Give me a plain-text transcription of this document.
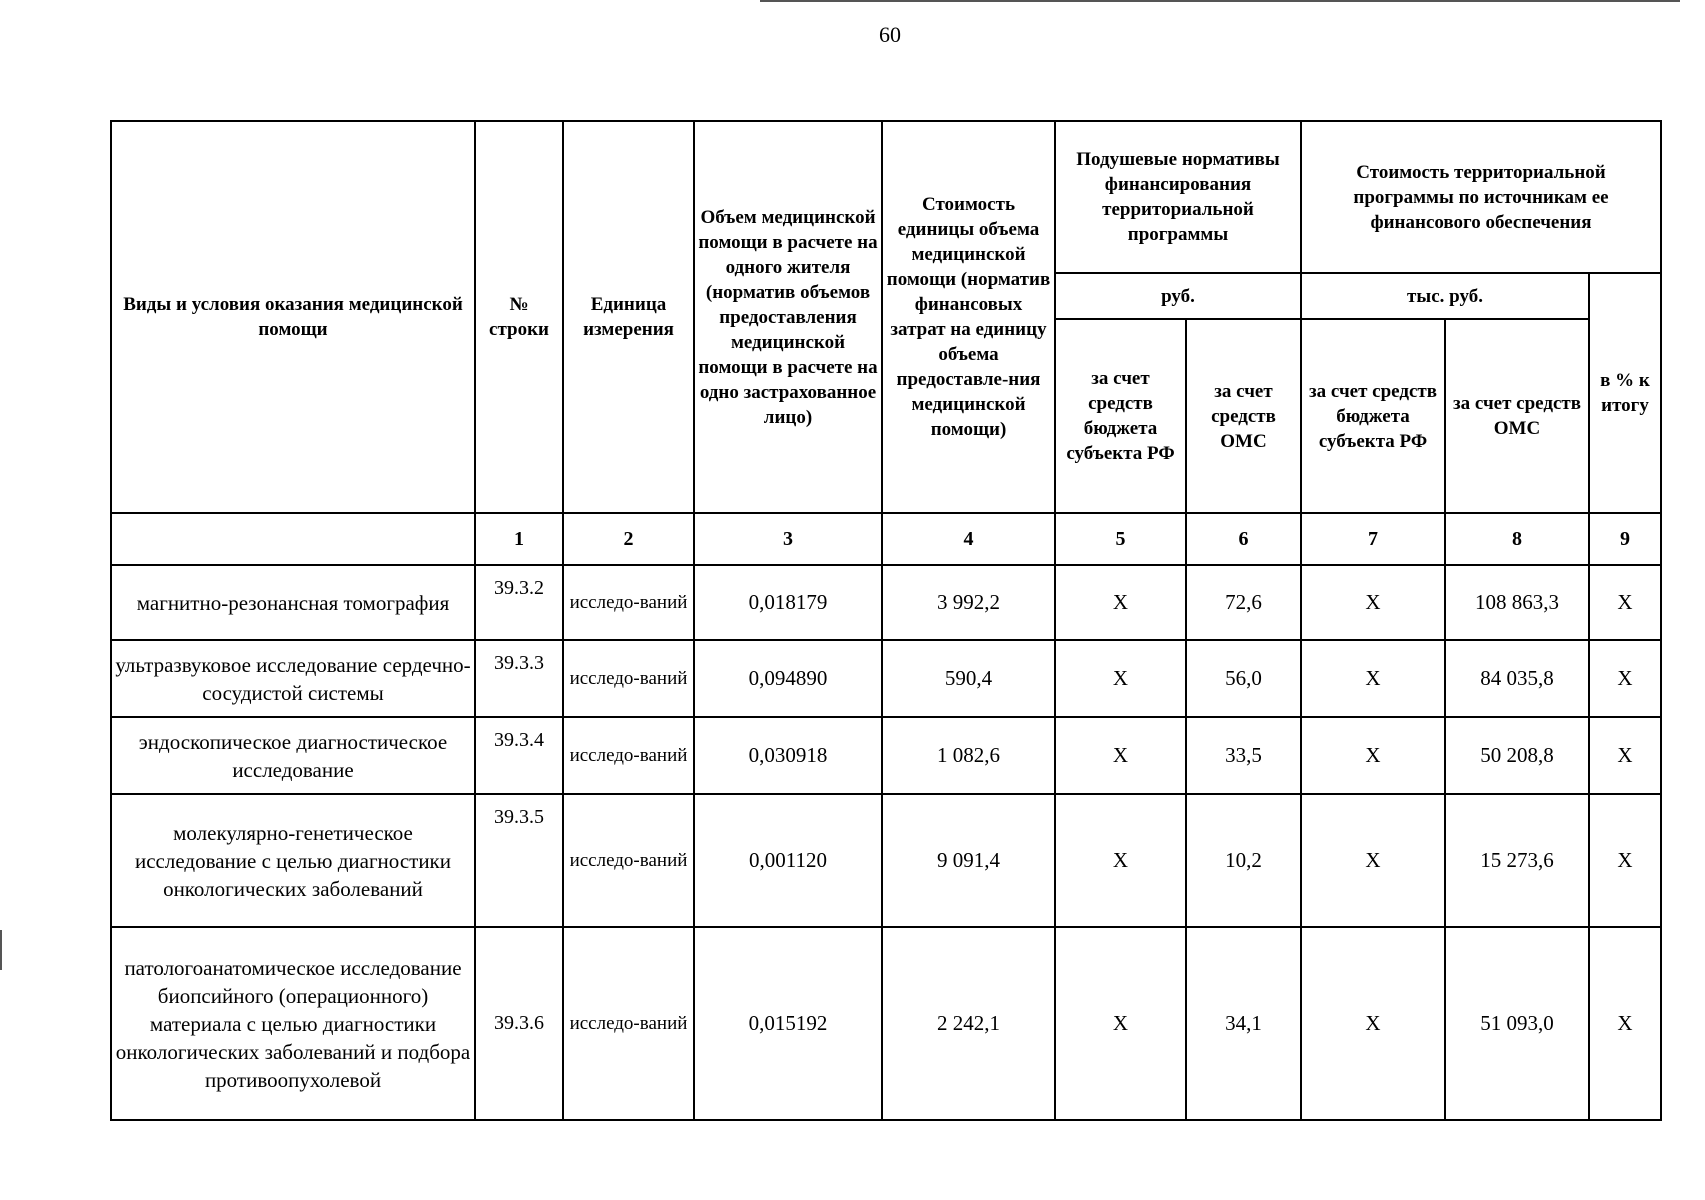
60
Виды и условия оказания медицинской помощи	№ строки	Единица измерения	Объем медицинской помощи в расчете на одного жителя (норматив объемов предоставления медицинской помощи в расчете на одно застрахованное лицо)	Стоимость единицы объема медицинской помощи (норматив финансовых затрат на единицу объема предоставле-ния медицинской помощи)	Подушевые нормативы финансирования территориальной программы		Стоимость территориальной программы по источникам ее финансового обеспечения		
					руб.		тыс. руб.		в % к итогу
					за счет средств бюджета субъекта РФ	за счет средств ОМС	за счет средств бюджета субъекта РФ	за счет средств ОМС	
	1	2	3	4	5	6	7	8	9
магнитно-резонансная томография	39.3.2	исследо-ваний	0,018179	3 992,2	Х	72,6	Х	108 863,3	Х
ультразвуковое исследование сердечно-сосудистой системы	39.3.3	исследо-ваний	0,094890	590,4	Х	56,0	Х	84 035,8	Х
эндоскопическое диагностическое исследование	39.3.4	исследо-ваний	0,030918	1 082,6	Х	33,5	Х	50 208,8	Х
молекулярно-генетическое исследование с целью диагностики онкологических заболеваний	39.3.5	исследо-ваний	0,001120	9 091,4	Х	10,2	Х	15 273,6	Х
патологоанатомическое исследование биопсийного (операционного) материала с целью диагностики онкологических заболеваний и подбора противоопухолевой	39.3.6	исследо-ваний	0,015192	2 242,1	Х	34,1	Х	51 093,0	Х
